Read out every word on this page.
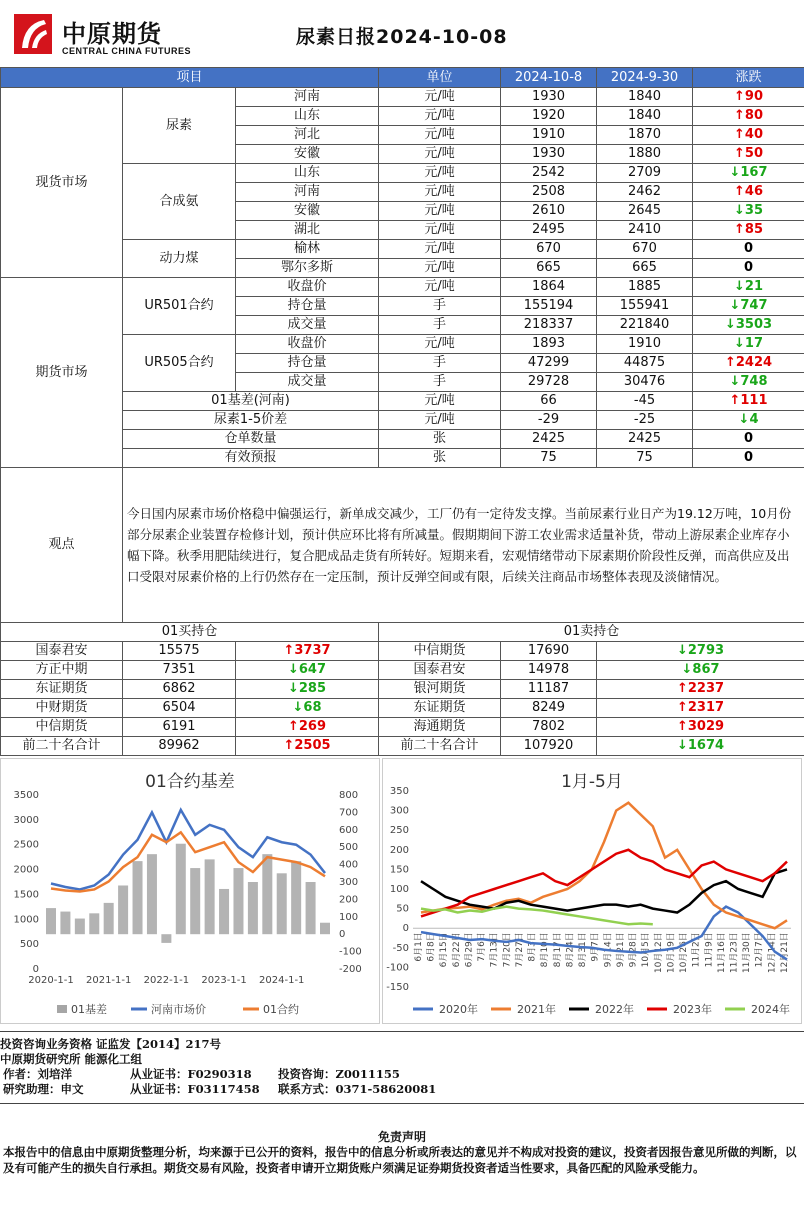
中原期货
CENTRAL CHINA FUTURES
尿素日报2024-10-08
项目			单位	2024-10-8	2024-9-30	涨跌
现货市场	尿素	河南	元/吨	1930	1840	↑90
		山东	元/吨	1920	1840	↑80
		河北	元/吨	1910	1870	↑40
		安徽	元/吨	1930	1880	↑50
	合成氨	山东	元/吨	2542	2709	↓167
		河南	元/吨	2508	2462	↑46
		安徽	元/吨	2610	2645	↓35
		湖北	元/吨	2495	2410	↑85
	动力煤	榆林	元/吨	670	670	0
		鄂尔多斯	元/吨	665	665	0
期货市场	UR501合约	收盘价	元/吨	1864	1885	↓21
		持仓量	手	155194	155941	↓747
		成交量	手	218337	221840	↓3503
	UR505合约	收盘价	元/吨	1893	1910	↓17
		持仓量	手	47299	44875	↑2424
		成交量	手	29728	30476	↓748
	01基差(河南)		元/吨	66	-45	↑111
	尿素1-5价差		元/吨	-29	-25	↓4
	仓单数量		张	2425	2425	0
	有效预报		张	75	75	0
观点	今日国内尿素市场价格稳中偏强运行，新单成交减少，工厂仍有一定待发支撑。当前尿素行业日产为19.12万吨，10月份部分尿素企业装置存检修计划，预计供应环比将有所减量。假期期间下游工农业需求适量补货，带动上游尿素企业库存小幅下降。秋季用肥陆续进行，复合肥成品走货有所转好。短期来看，宏观情绪带动下尿素期价阶段性反弹，而高供应及出口受限对尿素价格的上行仍然存在一定压制，预计反弹空间或有限，后续关注商品市场整体表现及淡储情况。					
01买持仓			01卖持仓		
国泰君安	15575	↑3737	中信期货	17690	↓2793
方正中期	7351	↓647	国泰君安	14978	↓867
东证期货	6862	↓285	银河期货	11187	↑2237
中财期货	6504	↓68	东证期货	8249	↑2317
中信期货	6191	↑269	海通期货	7802	↑3029
前二十名合计	89962	↑2505	前二十名合计	107920	↓1674
01合约基差
500
1000
1500
2000
2500
3000
3500
0	-200
-100
0
100
200
300
400
500
600
700
800
2020-1-1 2021-1-1 2022-1-1 2023-1-1 2024-1-1
01基差	河南市场价	01合约
1月-5月
-150
-100
-50
0
50
100
150
200
250
300
350
6月1日 6月8日 6月15日 6月22日 6月29日 7月6日 7月13日 7月20日 7月27日 8月3日 8月10日 8月17日 8月24日 8月31日 9月7日 9月14日 9月21日 9月28日 10月5日 10月12日 10月19日 10月26日 11月2日 11月9日 11月16日 11月23日 11月30日 12月7日 12月14日 12月21日
2020年	2021年	2022年	2023年	2024年
投资咨询业务资格 证监发【2014】217号
中原期货研究所 能源化工组
作者：刘培洋	从业证书：F0290318 投资咨询：Z0011155
研究助理：申文	从业证书：F03117458 联系方式：0371-58620081
免责声明
本报告中的信息由中原期货整理分析，均来源于已公开的资料，报告中的信息分析或所表达的意见并不构成对投资的建议，投资者因报告意见所做的判断，以及有可能产生的损失自行承担。期货交易有风险，投资者申请开立期货账户须满足证券期货投资者适当性要求，具备匹配的风险承受能力。
